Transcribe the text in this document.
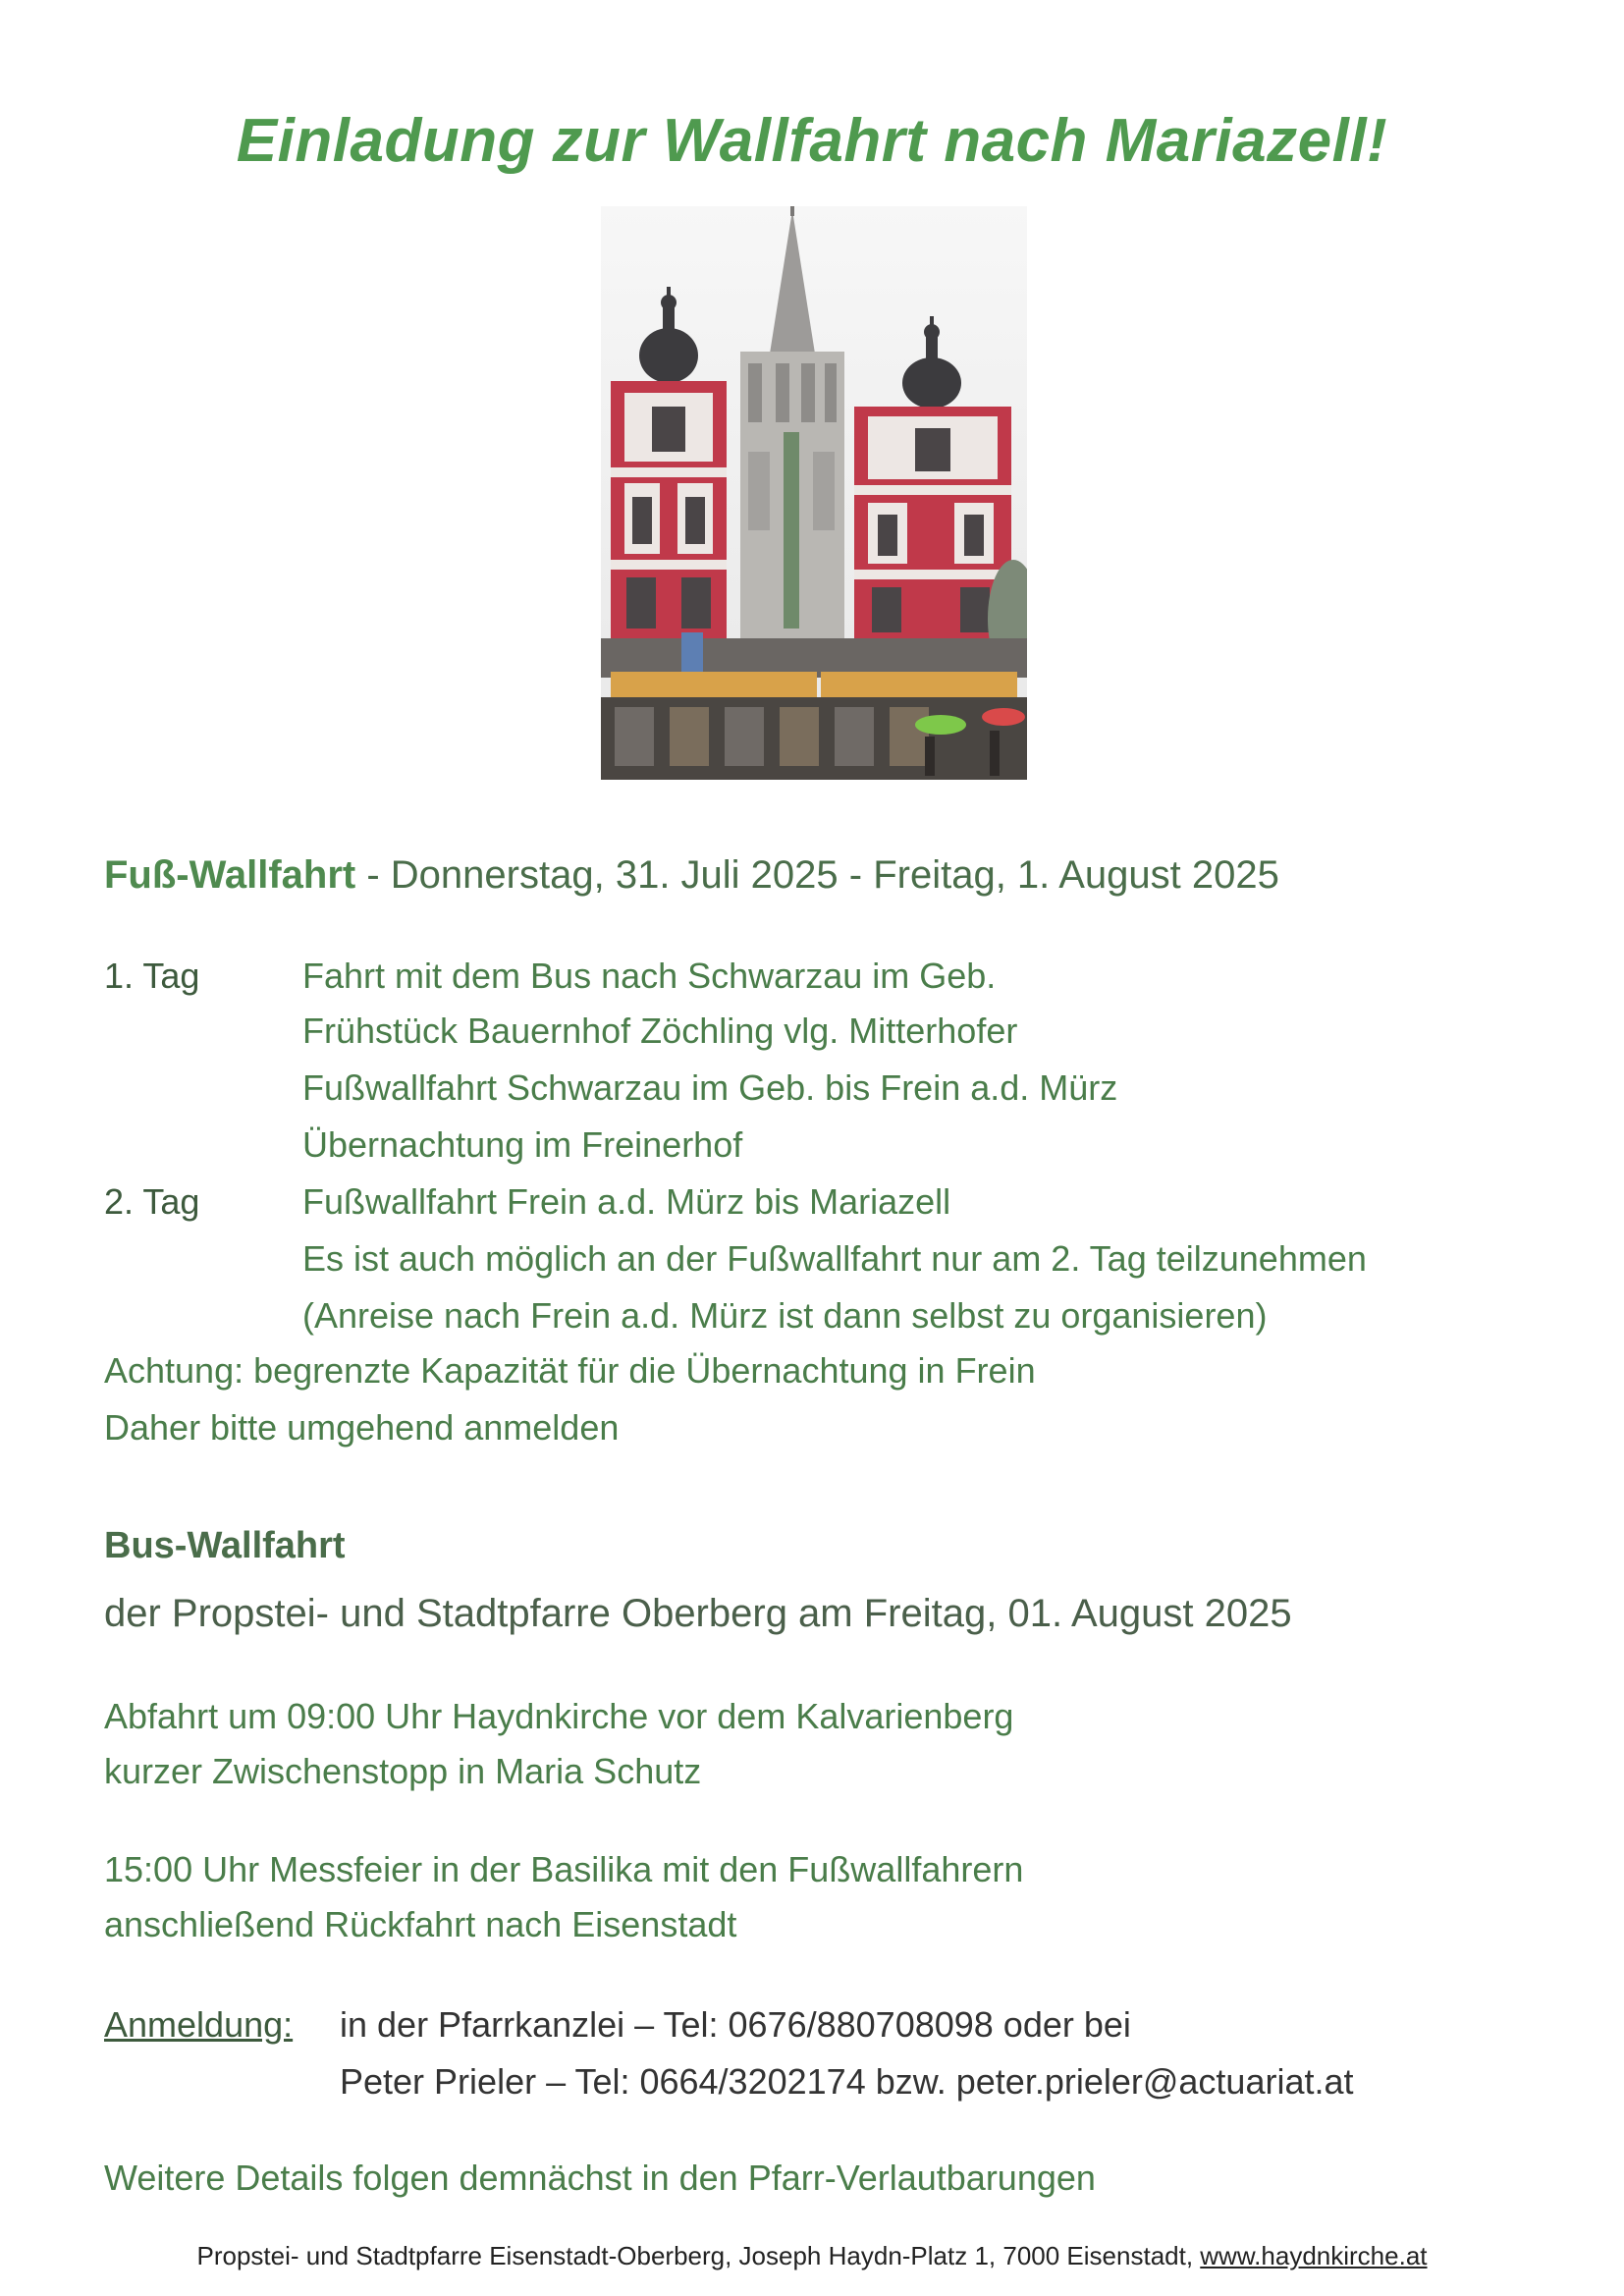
Einladung zur Wallfahrt nach Mariazell!
Fuß-Wallfahrt - Donnerstag, 31. Juli 2025 - Freitag, 1. August 2025
1. Tag	Fahrt mit dem Bus nach Schwarzau im Geb.
Frühstück Bauernhof Zöchling vlg. Mitterhofer
Fußwallfahrt Schwarzau im Geb. bis Frein a.d. Mürz
Übernachtung im Freinerhof
2. Tag	Fußwallfahrt Frein a.d. Mürz bis Mariazell
Es ist auch möglich an der Fußwallfahrt nur am 2. Tag teilzunehmen
(Anreise nach Frein a.d. Mürz ist dann selbst zu organisieren)
Achtung: begrenzte Kapazität für die Übernachtung in Frein
Daher bitte umgehend anmelden
Bus-Wallfahrt
der Propstei- und Stadtpfarre Oberberg am Freitag, 01. August 2025
Abfahrt um 09:00 Uhr Haydnkirche vor dem Kalvarienberg
kurzer Zwischenstopp in Maria Schutz
15:00 Uhr Messfeier in der Basilika mit den Fußwallfahrern
anschließend Rückfahrt nach Eisenstadt
Anmeldung: in der Pfarrkanzlei – Tel: 0676/880708098 oder bei
Peter Prieler – Tel: 0664/3202174 bzw. peter.prieler@actuariat.at
Weitere Details folgen demnächst in den Pfarr-Verlautbarungen
Propstei- und Stadtpfarre Eisenstadt-Oberberg, Joseph Haydn-Platz 1, 7000 Eisenstadt, www.haydnkirche.at
